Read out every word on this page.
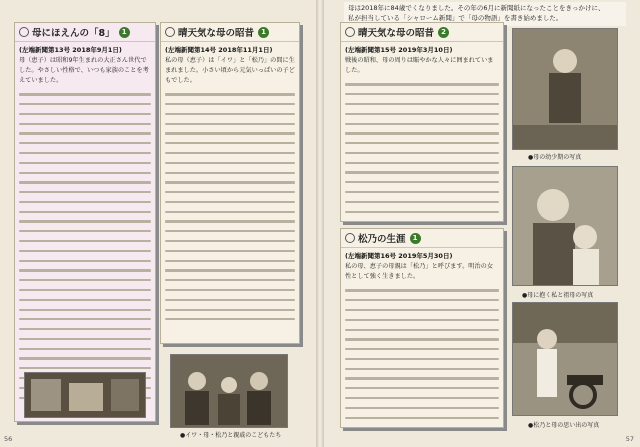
母は2018年に84歳でくなりました。その年の6月に新聞紙になったことをきっかけに、
私が担当している「シャローム新聞」で「母の物語」を書き始めました。
母にほえんの「8」	1
(左端新聞第13号 2018年9月1日)
母（恵子）は昭和9年生まれの大正さん世代でした。やさしい性格で、いつも家族のことを考えていました。
晴天気な母の昭昔	1
(左端新聞第14号 2018年11月1日)
私の母（恵子）は「イワ」と「松乃」の間に生まれました。小さい頃から元気いっぱいの子どもでした。
●イワ・母・松乃と親戚のこどもたち
晴天気な母の昭昔	2
(左端新聞第15号 2019年3月10日)
戦後の昭和、母の周りは賑やかな人々に囲まれていました。
松乃の生涯	1
(左端新聞第16号 2019年5月30日)
私の母、恵子の母親は「松乃」と呼びます。明治の女性として強く生きました。
●母の幼少期の写真
●母に抱く私と祖母の写真
●松乃と母の思い出の写真
56	57
